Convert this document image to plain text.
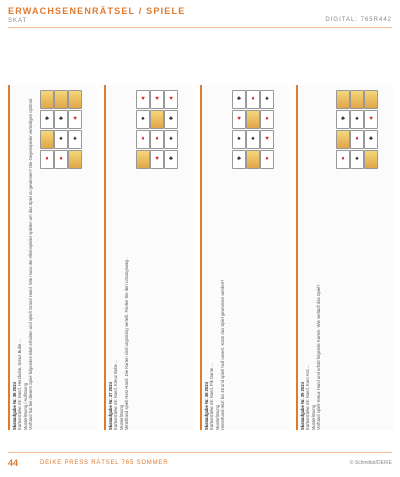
ERWACHSENENRÄTSEL / SPIELE
SKAT	DIGITAL: 765R442
Skataufgabe Nr. 36 2024 Kartenstärke mit Hand, Herzbube, Kreuz Bube ... Musterlösung / Auflösung Vorhand hat bei diesem Spiel folgendes Blatt erhalten und spielt Grand Hand. Wie muss der Alleinspieler spielen um das Spiel zu gewinnen? Die Gegenspieler verteidigen optimal.	Skataufgabe Nr. 37 2024 Kartenstärke mit Hand, Kreuz Bube ... Musterlösung Mittelhand spielt Herz Hand. Die Karten sind ungünstig verteilt. Finden Sie den Lösungsweg.	Skataufgabe Nr. 38 2024 Kartenstärke mit Hand, Pik Dame ... Musterlösung Hinterhand reizt bis 48 und spielt Null ouvert. Kann das Spiel gewonnen werden?	Skataufgabe Nr. 39 2024 Kartenstärke mit Hand, Karo Ass ... Musterlösung Vorhand spielt Kreuz Hand und erhält folgende Karten. Wie verläuft das Spiel?
♣	♣	♥
♠	♠
♦	♦
♥	♥	♥
♠	♣
♦	♦	♠
♥	♣
♣	♦	♠
♥	♦
♠	♠	♥
♣	♦
♣	♠	♥
♦	♣
♦	♠
44	DEIKE PRESS RÄTSEL 765 SOMMER	© Schmittat/DEIKE
